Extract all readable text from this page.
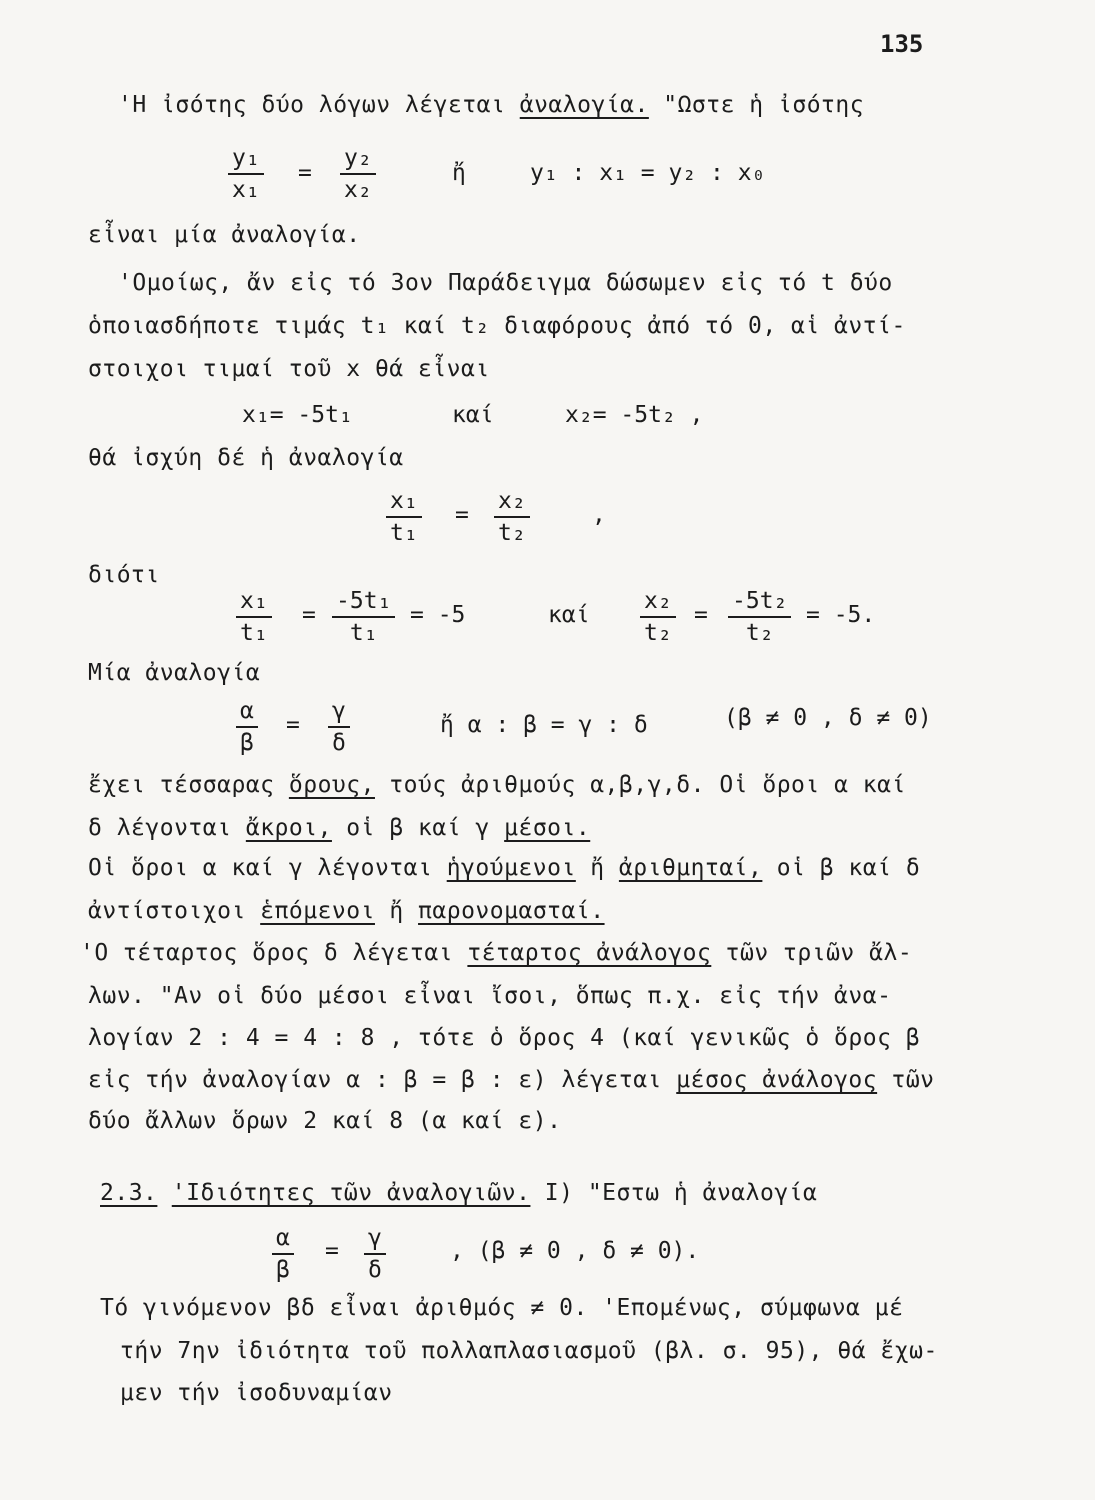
135
'Η ἰσότης δύο λόγων λέγεται ἀναλογία. "Ωστε ἡ ἰσότης
$\frac{\text{y₁}}{\text{x₁}} = \frac{\text{y₂}}{\text{x₂}}$	ἤ	y₁ : x₁ = y₂ : x₀
εἶναι μία ἀναλογία.
'Ομοίως, ἄν εἰς τό 3ον Παράδειγμα δώσωμεν εἰς τό t δύο
ὁποιασδήποτε τιμάς t₁ καί t₂ διαφόρους ἀπό τό 0, αἱ ἀντί-
στοιχοι τιμαί τοῦ x θά εἶναι
x₁= -5t₁	καί	x₂= -5t₂ ,
θά ἰσχύη δέ ἡ ἀναλογία
$\frac{\text{x₁}}{\text{t₁}} = \frac{\text{x₂}}{\text{t₂}}$	,
διότι
$\frac{\text{x₁}}{\text{t₁}} = \frac{\text{-5t₁}}{\text{t₁}} = -5$	καί $\frac{\text{x₂}}{\text{t₂}} = \frac{\text{-5t₂}}{\text{t₂}} = -5$.
Μία ἀναλογία
$\frac{\alpha}{\beta} = \frac{\gamma}{\delta}$	ἤ α : β = γ : δ	(β ≠ 0 , δ ≠ 0)
ἔχει τέσσαρας ὅρους, τούς ἀριθμούς α,β,γ,δ. Οἱ ὅροι α καί
δ λέγονται ἄκροι, οἱ β καί γ μέσοι.
Οἱ ὅροι α καί γ λέγονται ἡγούμενοι ἤ ἀριθμηταί, οἱ β καί δ
ἀντίστοιχοι ἑπόμενοι ἤ παρονομασταί.
'Ο τέταρτος ὅρος δ λέγεται τέταρτος ἀνάλογος τῶν τριῶν ἄλ-
λων. "Αν οἱ δύο μέσοι εἶναι ἴσοι, ὅπως π.χ. εἰς τήν ἀνα-
λογίαν 2 : 4 = 4 : 8 , τότε ὁ ὅρος 4 (καί γενικῶς ὁ ὅρος β
εἰς τήν ἀναλογίαν α : β = β : ε) λέγεται μέσος ἀνάλογος τῶν
δύο ἄλλων ὅρων 2 καί 8 (α καί ε).
2.3. 'Ιδιότητες τῶν ἀναλογιῶν. I) "Εστω ἡ ἀναλογία
$\frac{\alpha}{\beta} = \frac{\gamma}{\delta}$	, (β ≠ 0 , δ ≠ 0).
Τό γινόμενον βδ εἶναι ἀριθμός ≠ 0. 'Επομένως, σύμφωνα μέ
τήν 7ην ἰδιότητα τοῦ πολλαπλασιασμοῦ (βλ. σ. 95), θά ἔχω-
μεν τήν ἰσοδυναμίαν
